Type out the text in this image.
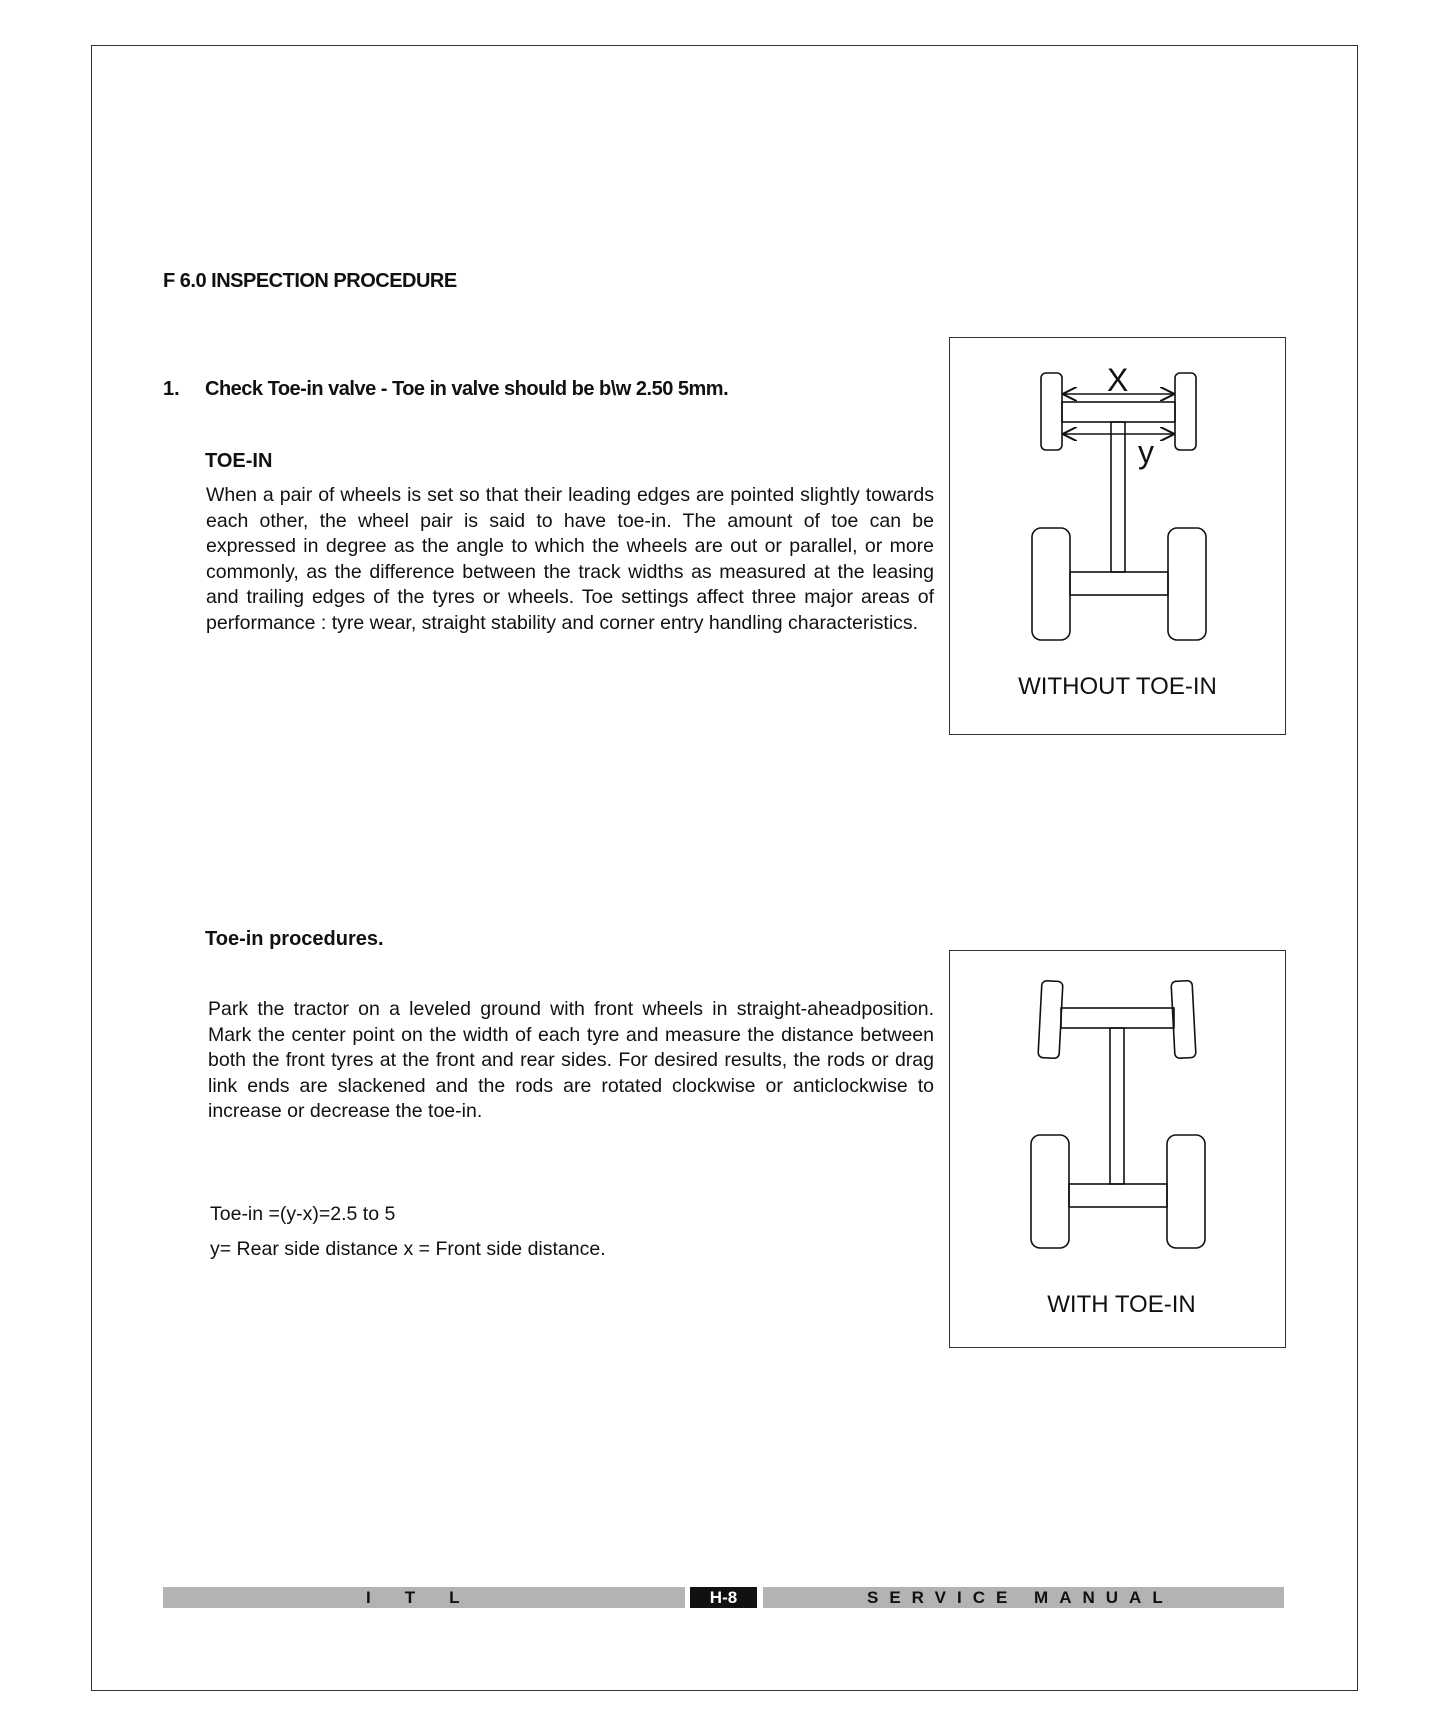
F 6.0 INSPECTION PROCEDURE
1. Check Toe-in valve - Toe in valve should be b\w 2.50 5mm.
TOE-IN
When a pair of wheels is set so that their leading edges are pointed slightly towards each other, the wheel pair is said to have toe-in. The amount of toe can be expressed in degree as the angle to which the wheels are out or parallel, or more commonly, as the difference between the track widths as measured at the leasing and trailing edges of the tyres or wheels. Toe settings affect three major areas of performance : tyre wear, straight stability and corner entry handling characteristics.
Toe-in procedures.
Park the tractor on a leveled ground with front wheels in straight-aheadposition. Mark the center point on the width of each tyre and measure the distance between both the front tyres at the front and rear sides. For desired results, the rods or drag link ends are slackened and the rods are rotated clockwise or anticlockwise to increase or decrease the toe-in.
Toe-in =(y-x)=2.5 to 5
y= Rear side distance x = Front side distance.
X
y
WITHOUT TOE-IN
WITH TOE-IN
ITL	H-8	SERVICE MANUAL
